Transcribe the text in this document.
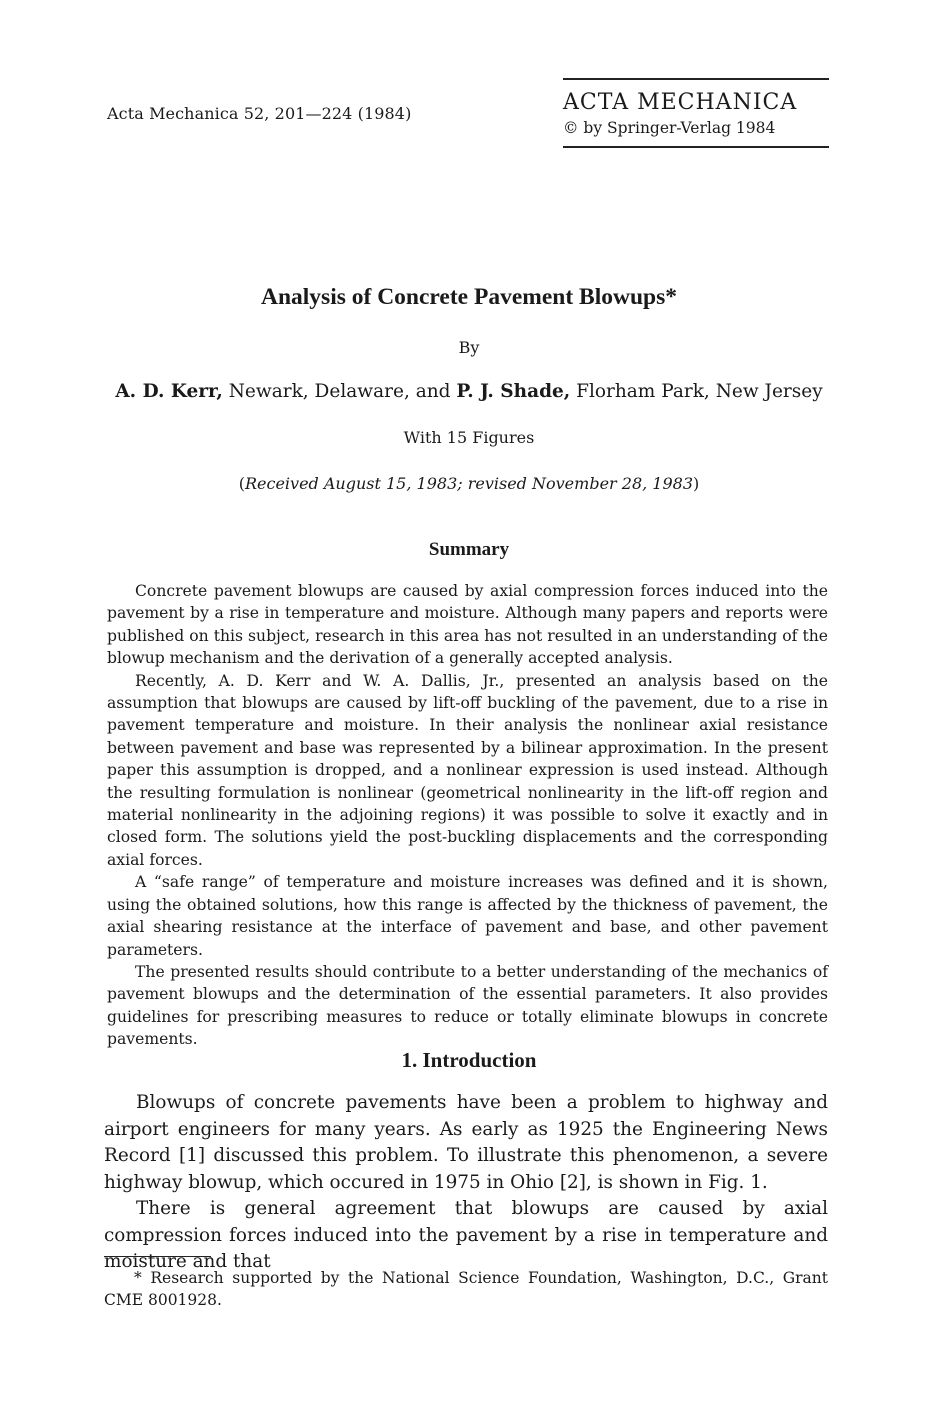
Acta Mechanica 52, 201—224 (1984)	ACTA MECHANICA
© by Springer-Verlag 1984
Analysis of Concrete Pavement Blowups*
By
A. D. Kerr, Newark, Delaware, and P. J. Shade, Florham Park, New Jersey
With 15 Figures
(Received August 15, 1983; revised November 28, 1983)
Summary

Concrete pavement blowups are caused by axial compression forces induced into the pavement by a rise in temperature and moisture. Although many papers and reports were published on this subject, research in this area has not resulted in an understanding of the blowup mechanism and the derivation of a generally accepted analysis.

Recently, A. D. Kerr and W. A. Dallis, Jr., presented an analysis based on the assumption that blowups are caused by lift-off buckling of the pavement, due to a rise in pavement temperature and moisture. In their analysis the nonlinear axial resistance between pavement and base was represented by a bilinear approximation. In the present paper this assumption is dropped, and a nonlinear expression is used instead. Although the resulting formulation is nonlinear (geometrical nonlinearity in the lift-off region and material nonlinearity in the adjoining regions) it was possible to solve it exactly and in closed form. The solutions yield the post-buckling displacements and the corresponding axial forces.

A “safe range” of temperature and moisture increases was defined and it is shown, using the obtained solutions, how this range is affected by the thickness of pavement, the axial shearing resistance at the interface of pavement and base, and other pavement parameters.

The presented results should contribute to a better understanding of the mechanics of pavement blowups and the determination of the essential parameters. It also provides guidelines for prescribing measures to reduce or totally eliminate blowups in concrete pavements.

1. Introduction

Blowups of concrete pavements have been a problem to highway and airport engineers for many years. As early as 1925 the Engineering News Record [1] discussed this problem. To illustrate this phenomenon, a severe highway blowup, which occured in 1975 in Ohio [2], is shown in Fig. 1.

There is general agreement that blowups are caused by axial compression forces induced into the pavement by a rise in temperature and moisture and that

* Research supported by the National Science Foundation, Washington, D.C., Grant CME 8001928.
